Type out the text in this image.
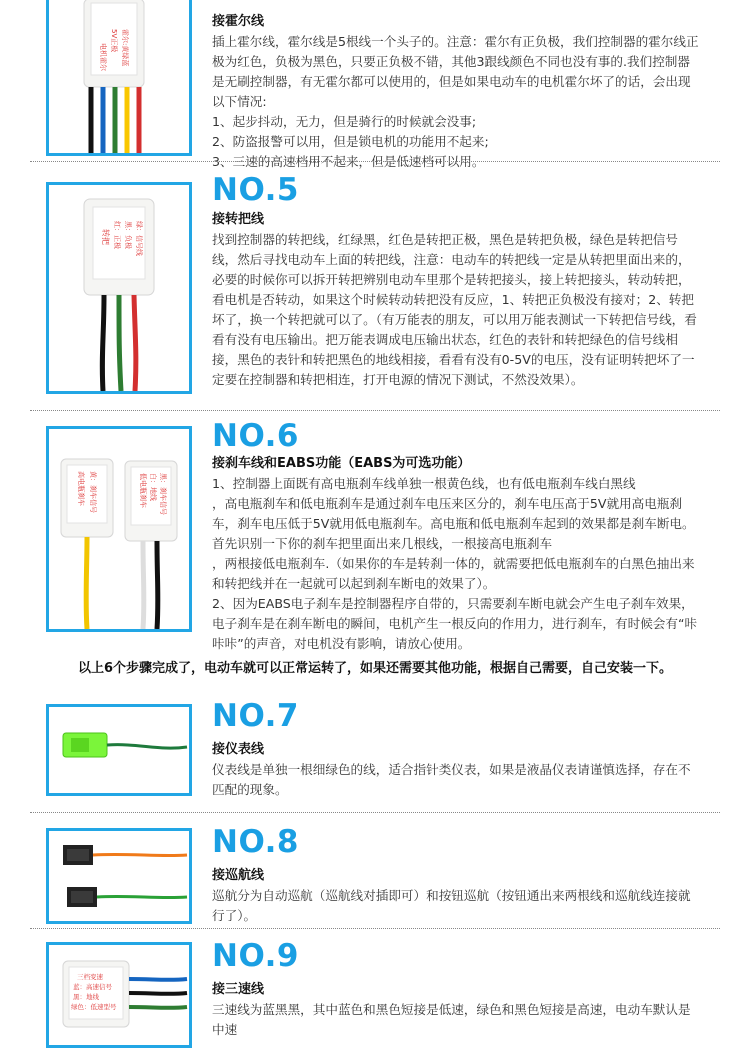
电机霍尔
5V正极 霍尔:黄绿蓝
接霍尔线
插上霍尔线，霍尔线是5根线一个头子的。注意：霍尔有正负极，我们控制器的霍尔线正极为红色，负极为黑色，只要正负极不错，其他3跟线颜色不同也没有事的.我们控制器是无刷控制器，有无霍尔都可以使用的，但是如果电动车的电机霍尔坏了的话，会出现以下情况:
1、起步抖动，无力，但是骑行的时候就会没事;
2、防盗报警可以用，但是锁电机的功能用不起来;
3、三速的高速档用不起来，但是低速档可以用。
转把 红：正极 黑：负极 绿：信号线
NO.5
接转把线
找到控制器的转把线，红绿黑，红色是转把正极，黑色是转把负极，绿色是转把信号线，然后寻找电动车上面的转把线，注意：电动车的转把线一定是从转把里面出来的，必要的时候你可以拆开转把辨别电动车里那个是转把接头，接上转把接头，转动转把，看电机是否转动，如果这个时候转动转把没有反应，1、转把正负极没有接对；2、转把坏了，换一个转把就可以了。（有万能表的朋友，可以用万能表测试一下转把信号线，看看有没有电压输出。把万能表调成电压输出状态，红色的表针和转把绿色的信号线相接，黑色的表针和转把黑色的地线相接，看看有没有0-5V的电压，没有证明转把坏了一定要在控制器和转把相连，打开电源的情况下测试，不然没效果）。
高电瓶刹车 黄：刹车信号	低电瓶刹车 白：地线 黑：刹车信号
NO.6
接刹车线和EABS功能（EABS为可选功能）
1、控制器上面既有高电瓶刹车线单独一根黄色线，也有低电瓶刹车线白黑线
，高电瓶刹车和低电瓶刹车是通过刹车电压来区分的，刹车电压高于5V就用高电瓶刹车，刹车电压低于5V就用低电瓶刹车。高电瓶和低电瓶刹车起到的效果都是刹车断电。首先识别一下你的刹车把里面出来几根线，一根接高电瓶刹车
，两根接低电瓶刹车.（如果你的车是转刹一体的，就需要把低电瓶刹车的白黑色抽出来和转把线并在一起就可以起到刹车断电的效果了）。
2、因为EABS电子刹车是控制器程序自带的，只需要刹车断电就会产生电子刹车效果，电子刹车是在刹车断电的瞬间，电机产生一根反向的作用力，进行刹车，有时候会有“咔咔咔”的声音，对电机没有影响，请放心使用。
以上6个步骤完成了，电动车就可以正常运转了，如果还需要其他功能，根据自己需要，自己安装一下。
NO.7
接仪表线
仪表线是单独一根细绿色的线，适合指针类仪表，如果是液晶仪表请谨慎选择，存在不匹配的现象。
NO.8
接巡航线
巡航分为自动巡航（巡航线对插即可）和按钮巡航（按钮通出来两根线和巡航线连接就行了）。
三档变速
蓝：高速信号
黑：地线
绿色：低速型号
NO.9
接三速线
三速线为蓝黑黑，其中蓝色和黑色短接是低速，绿色和黑色短接是高速，电动车默认是中速
